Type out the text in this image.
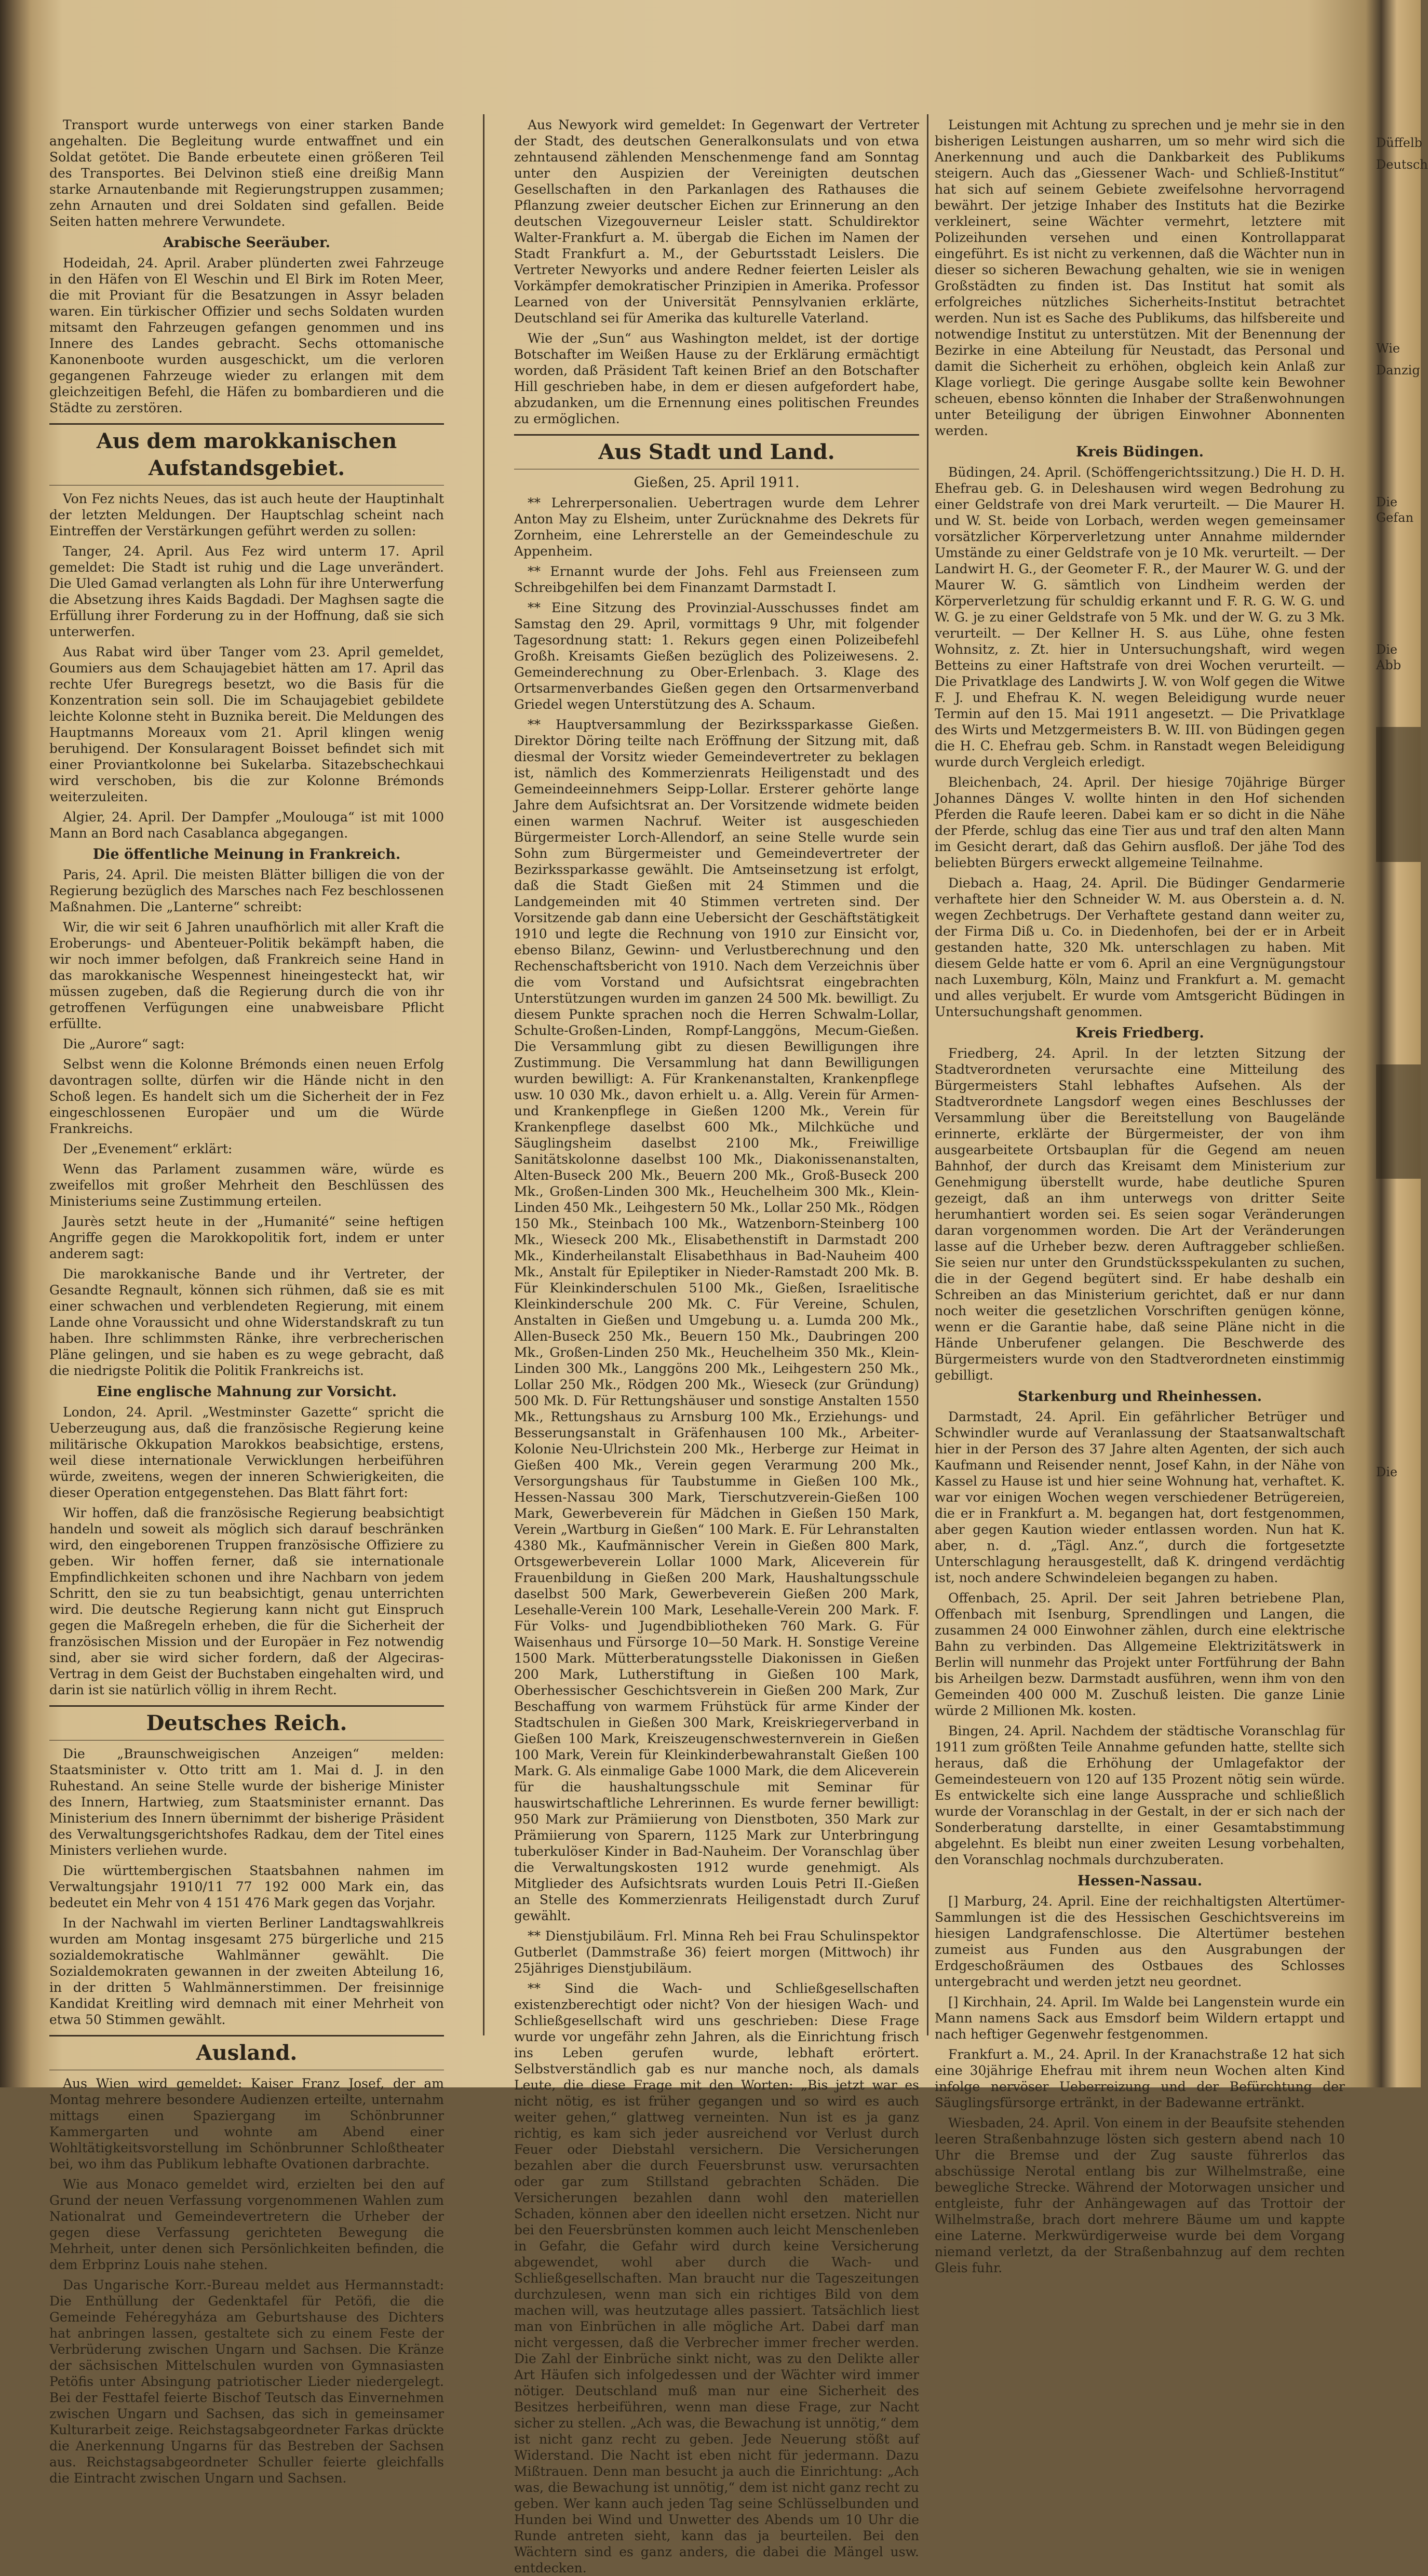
Transport wurde unterwegs von einer starken Bande angehalten. Die Begleitung wurde entwaffnet und ein Soldat getötet. Die Bande erbeutete einen größeren Teil des Transportes. Bei Delvinon stieß eine dreißig Mann starke Arnautenbande mit Regierungstruppen zusammen; zehn Arnauten und drei Soldaten sind gefallen. Beide Seiten hatten mehrere Verwundete.

Arabische Seeräuber.

Hodeidah, 24. April. Araber plünderten zwei Fahrzeuge in den Häfen von El Weschin und El Birk im Roten Meer, die mit Proviant für die Besatzungen in Assyr beladen waren. Ein türkischer Offizier und sechs Soldaten wurden mitsamt den Fahrzeugen gefangen genommen und ins Innere des Landes gebracht. Sechs ottomanische Kanonenboote wurden ausgeschickt, um die verloren gegangenen Fahrzeuge wieder zu erlangen mit dem gleichzeitigen Befehl, die Häfen zu bombardieren und die Städte zu zerstören.

Aus dem marokkanischen Aufstandsgebiet.

Von Fez nichts Neues, das ist auch heute der Hauptinhalt der letzten Meldungen. Der Hauptschlag scheint nach Eintreffen der Verstärkungen geführt werden zu sollen:

Tanger, 24. April. Aus Fez wird unterm 17. April gemeldet: Die Stadt ist ruhig und die Lage unverändert. Die Uled Gamad verlangten als Lohn für ihre Unterwerfung die Absetzung ihres Kaids Bagdadi. Der Maghsen sagte die Erfüllung ihrer Forderung zu in der Hoffnung, daß sie sich unterwerfen.

Aus Rabat wird über Tanger vom 23. April gemeldet, Goumiers aus dem Schaujagebiet hätten am 17. April das rechte Ufer Buregregs besetzt, wo die Basis für die Konzentration sein soll. Die im Schaujagebiet gebildete leichte Kolonne steht in Buznika bereit. Die Meldungen des Hauptmanns Moreaux vom 21. April klingen wenig beruhigend. Der Konsularagent Boisset befindet sich mit einer Proviantkolonne bei Sukelarba. Sitazebschechkaui wird verschoben, bis die zur Kolonne Brémonds weiterzuleiten.

Algier, 24. April. Der Dampfer „Moulouga“ ist mit 1000 Mann an Bord nach Casablanca abgegangen.

Die öffentliche Meinung in Frankreich.

Paris, 24. April. Die meisten Blätter billigen die von der Regierung bezüglich des Marsches nach Fez beschlossenen Maßnahmen. Die „Lanterne“ schreibt:

Wir, die wir seit 6 Jahren unaufhörlich mit aller Kraft die Eroberungs- und Abenteuer-Politik bekämpft haben, die wir noch immer befolgen, daß Frankreich seine Hand in das marokkanische Wespennest hineingesteckt hat, wir müssen zugeben, daß die Regierung durch die von ihr getroffenen Verfügungen eine unabweisbare Pflicht erfüllte.

Die „Aurore“ sagt:

Selbst wenn die Kolonne Brémonds einen neuen Erfolg davontragen sollte, dürfen wir die Hände nicht in den Schoß legen. Es handelt sich um die Sicherheit der in Fez eingeschlossenen Europäer und um die Würde Frankreichs.

Der „Evenement“ erklärt:

Wenn das Parlament zusammen wäre, würde es zweifellos mit großer Mehrheit den Beschlüssen des Ministeriums seine Zustimmung erteilen.

Jaurès setzt heute in der „Humanité“ seine heftigen Angriffe gegen die Marokkopolitik fort, indem er unter anderem sagt:

Die marokkanische Bande und ihr Vertreter, der Gesandte Regnault, können sich rühmen, daß sie es mit einer schwachen und verblendeten Regierung, mit einem Lande ohne Voraussicht und ohne Widerstandskraft zu tun haben. Ihre schlimmsten Ränke, ihre verbrecherischen Pläne gelingen, und sie haben es zu wege gebracht, daß die niedrigste Politik die Politik Frankreichs ist.

Eine englische Mahnung zur Vorsicht.

London, 24. April. „Westminster Gazette“ spricht die Ueberzeugung aus, daß die französische Regierung keine militärische Okkupation Marokkos beabsichtige, erstens, weil diese internationale Verwicklungen herbeiführen würde, zweitens, wegen der inneren Schwierigkeiten, die dieser Operation entgegenstehen. Das Blatt fährt fort:

Wir hoffen, daß die französische Regierung beabsichtigt handeln und soweit als möglich sich darauf beschränken wird, den eingeborenen Truppen französische Offiziere zu geben. Wir hoffen ferner, daß sie internationale Empfindlichkeiten schonen und ihre Nachbarn von jedem Schritt, den sie zu tun beabsichtigt, genau unterrichten wird. Die deutsche Regierung kann nicht gut Einspruch gegen die Maßregeln erheben, die für die Sicherheit der französischen Mission und der Europäer in Fez notwendig sind, aber sie wird sicher fordern, daß der Algeciras-Vertrag in dem Geist der Buchstaben eingehalten wird, und darin ist sie natürlich völlig in ihrem Recht.

Deutsches Reich.

Die „Braunschweigischen Anzeigen“ melden: Staatsminister v. Otto tritt am 1. Mai d. J. in den Ruhestand. An seine Stelle wurde der bisherige Minister des Innern, Hartwieg, zum Staatsminister ernannt. Das Ministerium des Innern übernimmt der bisherige Präsident des Verwaltungsgerichtshofes Radkau, dem der Titel eines Ministers verliehen wurde.

Die württembergischen Staatsbahnen nahmen im Verwaltungsjahr 1910/11 77 192 000 Mark ein, das bedeutet ein Mehr von 4 151 476 Mark gegen das Vorjahr.

In der Nachwahl im vierten Berliner Landtagswahlkreis wurden am Montag insgesamt 275 bürgerliche und 215 sozialdemokratische Wahlmänner gewählt. Die Sozialdemokraten gewannen in der zweiten Abteilung 16, in der dritten 5 Wahlmännerstimmen. Der freisinnige Kandidat Kreitling wird demnach mit einer Mehrheit von etwa 50 Stimmen gewählt.

Ausland.

Aus Wien wird gemeldet: Kaiser Franz Josef, der am Montag mehrere besondere Audienzen erteilte, unternahm mittags einen Spaziergang im Schönbrunner Kammergarten und wohnte am Abend einer Wohltätigkeitsvorstellung im Schönbrunner Schloßtheater bei, wo ihm das Publikum lebhafte Ovationen darbrachte.

Wie aus Monaco gemeldet wird, erzielten bei den auf Grund der neuen Verfassung vorgenommenen Wahlen zum Nationalrat und Gemeindevertretern die Urheber der gegen diese Verfassung gerichteten Bewegung die Mehrheit, unter denen sich Persönlichkeiten befinden, die dem Erbprinz Louis nahe stehen.

Das Ungarische Korr.-Bureau meldet aus Hermannstadt: Die Enthüllung der Gedenktafel für Petöfi, die die Gemeinde Fehéregyháza am Geburtshause des Dichters hat anbringen lassen, gestaltete sich zu einem Feste der Verbrüderung zwischen Ungarn und Sachsen. Die Kränze der sächsischen Mittelschulen wurden von Gymnasiasten Petöfis unter Absingung patriotischer Lieder niedergelegt. Bei der Festtafel feierte Bischof Teutsch das Einvernehmen zwischen Ungarn und Sachsen, das sich in gemeinsamer Kulturarbeit zeige. Reichstagsabgeordneter Farkas drückte die Anerkennung Ungarns für das Bestreben der Sachsen aus. Reichstagsabgeordneter Schuller feierte gleichfalls die Eintracht zwischen Ungarn und Sachsen.

Aus Newyork wird gemeldet: In Gegenwart der Vertreter der Stadt, des deutschen Generalkonsulats und von etwa zehntausend zählenden Menschenmenge fand am Sonntag unter den Auspizien der Vereinigten deutschen Gesellschaften in den Parkanlagen des Rathauses die Pflanzung zweier deutscher Eichen zur Erinnerung an den deutschen Vizegouverneur Leisler statt. Schuldirektor Walter-Frankfurt a. M. übergab die Eichen im Namen der Stadt Frankfurt a. M., der Geburtsstadt Leislers. Die Vertreter Newyorks und andere Redner feierten Leisler als Vorkämpfer demokratischer Prinzipien in Amerika. Professor Learned von der Universität Pennsylvanien erklärte, Deutschland sei für Amerika das kulturelle Vaterland.

Wie der „Sun“ aus Washington meldet, ist der dortige Botschafter im Weißen Hause zu der Erklärung ermächtigt worden, daß Präsident Taft keinen Brief an den Botschafter Hill geschrieben habe, in dem er diesen aufgefordert habe, abzudanken, um die Ernennung eines politischen Freundes zu ermöglichen.

Aus Stadt und Land.
Gießen, 25. April 1911.

** Lehrerpersonalien. Uebertragen wurde dem Lehrer Anton May zu Elsheim, unter Zurücknahme des Dekrets für Zornheim, eine Lehrerstelle an der Gemeindeschule zu Appenheim.

** Ernannt wurde der Johs. Fehl aus Freienseen zum Schreibgehilfen bei dem Finanzamt Darmstadt I.

** Eine Sitzung des Provinzial-Ausschusses findet am Samstag den 29. April, vormittags 9 Uhr, mit folgender Tagesordnung statt: 1. Rekurs gegen einen Polizeibefehl Großh. Kreisamts Gießen bezüglich des Polizeiwesens. 2. Gemeinderechnung zu Ober-Erlenbach. 3. Klage des Ortsarmenverbandes Gießen gegen den Ortsarmenverband Griedel wegen Unterstützung des A. Schaum.

** Hauptversammlung der Bezirkssparkasse Gießen. Direktor Döring teilte nach Eröffnung der Sitzung mit, daß diesmal der Vorsitz wieder Gemeindevertreter zu beklagen ist, nämlich des Kommerzienrats Heiligenstadt und des Gemeindeeinnehmers Seipp-Lollar. Ersterer gehörte lange Jahre dem Aufsichtsrat an. Der Vorsitzende widmete beiden einen warmen Nachruf. Weiter ist ausgeschieden Bürgermeister Lorch-Allendorf, an seine Stelle wurde sein Sohn zum Bürgermeister und Gemeindevertreter der Bezirkssparkasse gewählt. Die Amtseinsetzung ist erfolgt, daß die Stadt Gießen mit 24 Stimmen und die Landgemeinden mit 40 Stimmen vertreten sind. Der Vorsitzende gab dann eine Uebersicht der Geschäftstätigkeit 1910 und legte die Rechnung von 1910 zur Einsicht vor, ebenso Bilanz, Gewinn- und Verlustberechnung und den Rechenschaftsbericht von 1910. Nach dem Verzeichnis über die vom Vorstand und Aufsichtsrat eingebrachten Unterstützungen wurden im ganzen 24 500 Mk. bewilligt. Zu diesem Punkte sprachen noch die Herren Schwalm-Lollar, Schulte-Großen-Linden, Rompf-Langgöns, Mecum-Gießen. Die Versammlung gibt zu diesen Bewilligungen ihre Zustimmung. Die Versammlung hat dann Bewilligungen wurden bewilligt: A. Für Krankenanstalten, Krankenpflege usw. 10 030 Mk., davon erhielt u. a. Allg. Verein für Armen- und Krankenpflege in Gießen 1200 Mk., Verein für Krankenpflege daselbst 600 Mk., Milchküche und Säuglingsheim daselbst 2100 Mk., Freiwillige Sanitätskolonne daselbst 100 Mk., Diakonissenanstalten, Alten-Buseck 200 Mk., Beuern 200 Mk., Groß-Buseck 200 Mk., Großen-Linden 300 Mk., Heuchelheim 300 Mk., Klein-Linden 450 Mk., Leihgestern 50 Mk., Lollar 250 Mk., Rödgen 150 Mk., Steinbach 100 Mk., Watzenborn-Steinberg 100 Mk., Wieseck 200 Mk., Elisabethenstift in Darmstadt 200 Mk., Kinderheilanstalt Elisabethhaus in Bad-Nauheim 400 Mk., Anstalt für Epileptiker in Nieder-Ramstadt 200 Mk. B. Für Kleinkinderschulen 5100 Mk., Gießen, Israelitische Kleinkinderschule 200 Mk. C. Für Vereine, Schulen, Anstalten in Gießen und Umgebung u. a. Lumda 200 Mk., Allen-Buseck 250 Mk., Beuern 150 Mk., Daubringen 200 Mk., Großen-Linden 250 Mk., Heuchelheim 350 Mk., Klein-Linden 300 Mk., Langgöns 200 Mk., Leihgestern 250 Mk., Lollar 250 Mk., Rödgen 200 Mk., Wieseck (zur Gründung) 500 Mk. D. Für Rettungshäuser und sonstige Anstalten 1550 Mk., Rettungshaus zu Arnsburg 100 Mk., Erziehungs- und Besserungsanstalt in Gräfenhausen 100 Mk., Arbeiter-Kolonie Neu-Ulrichstein 200 Mk., Herberge zur Heimat in Gießen 400 Mk., Verein gegen Verarmung 200 Mk., Versorgungshaus für Taubstumme in Gießen 100 Mk., Hessen-Nassau 300 Mark, Tierschutzverein-Gießen 100 Mark, Gewerbeverein für Mädchen in Gießen 150 Mark, Verein „Wartburg in Gießen“ 100 Mark. E. Für Lehranstalten 4380 Mk., Kaufmännischer Verein in Gießen 800 Mark, Ortsgewerbeverein Lollar 1000 Mark, Aliceverein für Frauenbildung in Gießen 200 Mark, Haushaltungsschule daselbst 500 Mark, Gewerbeverein Gießen 200 Mark, Lesehalle-Verein 100 Mark, Lesehalle-Verein 200 Mark. F. Für Volks- und Jugendbibliotheken 760 Mark. G. Für Waisenhaus und Fürsorge 10—50 Mark. H. Sonstige Vereine 1500 Mark. Mütterberatungsstelle Diakonissen in Gießen 200 Mark, Lutherstiftung in Gießen 100 Mark, Oberhessischer Geschichtsverein in Gießen 200 Mark, Zur Beschaffung von warmem Frühstück für arme Kinder der Stadtschulen in Gießen 300 Mark, Kreiskriegerverband in Gießen 100 Mark, Kreiszeugenschwesternverein in Gießen 100 Mark, Verein für Kleinkinderbewahranstalt Gießen 100 Mark. G. Als einmalige Gabe 1000 Mark, die dem Aliceverein für die haushaltungsschule mit Seminar für hauswirtschaftliche Lehrerinnen. Es wurde ferner bewilligt: 950 Mark zur Prämiierung von Dienstboten, 350 Mark zur Prämiierung von Sparern, 1125 Mark zur Unterbringung tuberkulöser Kinder in Bad-Nauheim. Der Voranschlag über die Verwaltungskosten 1912 wurde genehmigt. Als Mitglieder des Aufsichtsrats wurden Louis Petri II.-Gießen an Stelle des Kommerzienrats Heiligenstadt durch Zuruf gewählt.

** Dienstjubiläum. Frl. Minna Reh bei Frau Schulinspektor Gutberlet (Dammstraße 36) feiert morgen (Mittwoch) ihr 25jähriges Dienstjubiläum.

** Sind die Wach- und Schließgesellschaften existenzberechtigt oder nicht? Von der hiesigen Wach- und Schließgesellschaft wird uns geschrieben: Diese Frage wurde vor ungefähr zehn Jahren, als die Einrichtung frisch ins Leben gerufen wurde, lebhaft erörtert. Selbstverständlich gab es nur manche noch, als damals Leute, die diese Frage mit den Worten: „Bis jetzt war es nicht nötig, es ist früher gegangen und so wird es auch weiter gehen,“ glattweg verneinten. Nun ist es ja ganz richtig, es kam sich jeder ausreichend vor Verlust durch Feuer oder Diebstahl versichern. Die Versicherungen bezahlen aber die durch Feuersbrunst usw. verursachten oder gar zum Stillstand gebrachten Schäden. Die Versicherungen bezahlen dann wohl den materiellen Schaden, können aber den ideellen nicht ersetzen. Nicht nur bei den Feuersbrünsten kommen auch leicht Menschenleben in Gefahr, die Gefahr wird durch keine Versicherung abgewendet, wohl aber durch die Wach- und Schließgesellschaften. Man braucht nur die Tageszeitungen durchzulesen, wenn man sich ein richtiges Bild von dem machen will, was heutzutage alles passiert. Tatsächlich liest man von Einbrüchen in alle mögliche Art. Dabei darf man nicht vergessen, daß die Verbrecher immer frecher werden. Die Zahl der Einbrüche sinkt nicht, was zu den Delikte aller Art Häufen sich infolgedessen und der Wächter wird immer nötiger. Deutschland muß man nur eine Sicherheit des Besitzes herbeiführen, wenn man diese Frage, zur Nacht sicher zu stellen. „Ach was, die Bewachung ist unnötig,“ dem ist nicht ganz recht zu geben. Jede Neuerung stößt auf Widerstand. Die Nacht ist eben nicht für jedermann. Dazu Mißtrauen. Denn man besucht ja auch die Einrichtung: „Ach was, die Bewachung ist unnötig,“ dem ist nicht ganz recht zu geben. Wer kann auch jeden Tag seine Schlüsselbunden und Hunden bei Wind und Unwetter des Abends um 10 Uhr die Runde antreten sieht, kann das ja beurteilen. Bei den Wächtern sind es ganz anders, die dabei die Mängel usw. entdecken.

Leistungen mit Achtung zu sprechen und je mehr sie in den bisherigen Leistungen ausharren, um so mehr wird sich die Anerkennung und auch die Dankbarkeit des Publikums steigern. Auch das „Giessener Wach- und Schließ-Institut“ hat sich auf seinem Gebiete zweifelsohne hervorragend bewährt. Der jetzige Inhaber des Instituts hat die Bezirke verkleinert, seine Wächter vermehrt, letztere mit Polizeihunden versehen und einen Kontrollapparat eingeführt. Es ist nicht zu verkennen, daß die Wächter nun in dieser so sicheren Bewachung gehalten, wie sie in wenigen Großstädten zu finden ist. Das Institut hat somit als erfolgreiches nützliches Sicherheits-Institut betrachtet werden. Nun ist es Sache des Publikums, das hilfsbereite und notwendige Institut zu unterstützen. Mit der Benennung der Bezirke in eine Abteilung für Neustadt, das Personal und damit die Sicherheit zu erhöhen, obgleich kein Anlaß zur Klage vorliegt. Die geringe Ausgabe sollte kein Bewohner scheuen, ebenso könnten die Inhaber der Straßenwohnungen unter Beteiligung der übrigen Einwohner Abonnenten werden.

Kreis Büdingen.

Büdingen, 24. April. (Schöffengerichtssitzung.) Die H. D. H. Ehefrau geb. G. in Deleshausen wird wegen Bedrohung zu einer Geldstrafe von drei Mark verurteilt. — Die Maurer H. und W. St. beide von Lorbach, werden wegen gemeinsamer vorsätzlicher Körperverletzung unter Annahme mildernder Umstände zu einer Geldstrafe von je 10 Mk. verurteilt. — Der Landwirt H. G., der Geometer F. R., der Maurer W. G. und der Maurer W. G. sämtlich von Lindheim werden der Körperverletzung für schuldig erkannt und F. R. G. W. G. und W. G. je zu einer Geldstrafe von 5 Mk. und der W. G. zu 3 Mk. verurteilt. — Der Kellner H. S. aus Lühe, ohne festen Wohnsitz, z. Zt. hier in Untersuchungshaft, wird wegen Betteins zu einer Haftstrafe von drei Wochen verurteilt. — Die Privatklage des Landwirts J. W. von Wolf gegen die Witwe F. J. und Ehefrau K. N. wegen Beleidigung wurde neuer Termin auf den 15. Mai 1911 angesetzt. — Die Privatklage des Wirts und Metzgermeisters B. W. III. von Büdingen gegen die H. C. Ehefrau geb. Schm. in Ranstadt wegen Beleidigung wurde durch Vergleich erledigt.

Bleichenbach, 24. April. Der hiesige 70jährige Bürger Johannes Dänges V. wollte hinten in den Hof sichenden Pferden die Raufe leeren. Dabei kam er so dicht in die Nähe der Pferde, schlug das eine Tier aus und traf den alten Mann im Gesicht derart, daß das Gehirn ausfloß. Der jähe Tod des beliebten Bürgers erweckt allgemeine Teilnahme.

Diebach a. Haag, 24. April. Die Büdinger Gendarmerie verhaftete hier den Schneider W. M. aus Oberstein a. d. N. wegen Zechbetrugs. Der Verhaftete gestand dann weiter zu, der Firma Diß u. Co. in Diedenhofen, bei der er in Arbeit gestanden hatte, 320 Mk. unterschlagen zu haben. Mit diesem Gelde hatte er vom 6. April an eine Vergnügungstour nach Luxemburg, Köln, Mainz und Frankfurt a. M. gemacht und alles verjubelt. Er wurde vom Amtsgericht Büdingen in Untersuchungshaft genommen.

Kreis Friedberg.

Friedberg, 24. April. In der letzten Sitzung der Stadtverordneten verursachte eine Mitteilung des Bürgermeisters Stahl lebhaftes Aufsehen. Als der Stadtverordnete Langsdorf wegen eines Beschlusses der Versammlung über die Bereitstellung von Baugelände erinnerte, erklärte der Bürgermeister, der von ihm ausgearbeitete Ortsbauplan für die Gegend am neuen Bahnhof, der durch das Kreisamt dem Ministerium zur Genehmigung überstellt wurde, habe deutliche Spuren gezeigt, daß an ihm unterwegs von dritter Seite herumhantiert worden sei. Es seien sogar Veränderungen daran vorgenommen worden. Die Art der Veränderungen lasse auf die Urheber bezw. deren Auftraggeber schließen. Sie seien nur unter den Grundstücksspekulanten zu suchen, die in der Gegend begütert sind. Er habe deshalb ein Schreiben an das Ministerium gerichtet, daß er nur dann noch weiter die gesetzlichen Vorschriften genügen könne, wenn er die Garantie habe, daß seine Pläne nicht in die Hände Unberufener gelangen. Die Beschwerde des Bürgermeisters wurde von den Stadtverordneten einstimmig gebilligt.

Starkenburg und Rheinhessen.

Darmstadt, 24. April. Ein gefährlicher Betrüger und Schwindler wurde auf Veranlassung der Staatsanwaltschaft hier in der Person des 37 Jahre alten Agenten, der sich auch Kaufmann und Reisender nennt, Josef Kahn, in der Nähe von Kassel zu Hause ist und hier seine Wohnung hat, verhaftet. K. war vor einigen Wochen wegen verschiedener Betrügereien, die er in Frankfurt a. M. begangen hat, dort festgenommen, aber gegen Kaution wieder entlassen worden. Nun hat K. aber, n. d. „Tägl. Anz.“, durch die fortgesetzte Unterschlagung herausgestellt, daß K. dringend verdächtig ist, noch andere Schwindeleien begangen zu haben.

Offenbach, 25. April. Der seit Jahren betriebene Plan, Offenbach mit Isenburg, Sprendlingen und Langen, die zusammen 24 000 Einwohner zählen, durch eine elektrische Bahn zu verbinden. Das Allgemeine Elektrizitätswerk in Berlin will nunmehr das Projekt unter Fortführung der Bahn bis Arheilgen bezw. Darmstadt ausführen, wenn ihm von den Gemeinden 400 000 M. Zuschuß leisten. Die ganze Linie würde 2 Millionen Mk. kosten.

Bingen, 24. April. Nachdem der städtische Voranschlag für 1911 zum größten Teile Annahme gefunden hatte, stellte sich heraus, daß die Erhöhung der Umlagefaktor der Gemeindesteuern von 120 auf 135 Prozent nötig sein würde. Es entwickelte sich eine lange Aussprache und schließlich wurde der Voranschlag in der Gestalt, in der er sich nach der Sonderberatung darstellte, in einer Gesamtabstimmung abgelehnt. Es bleibt nun einer zweiten Lesung vorbehalten, den Voranschlag nochmals durchzuberaten.

Hessen-Nassau.

[] Marburg, 24. April. Eine der reichhaltigsten Altertümer-Sammlungen ist die des Hessischen Geschichtsvereins im hiesigen Landgrafenschlosse. Die Altertümer bestehen zumeist aus Funden aus den Ausgrabungen der Erdgeschoßräumen des Ostbaues des Schlosses untergebracht und werden jetzt neu geordnet.

[] Kirchhain, 24. April. Im Walde bei Langenstein wurde ein Mann namens Sack aus Emsdorf beim Wildern ertappt und nach heftiger Gegenwehr festgenommen.

Frankfurt a. M., 24. April. In der Kranachstraße 12 hat sich eine 30jährige Ehefrau mit ihrem neun Wochen alten Kind infolge nervöser Ueberreizung und der Befürchtung der Säuglingsfürsorge ertränkt, in der Badewanne ertränkt.

Wiesbaden, 24. April. Von einem in der Beaufsite stehenden leeren Straßenbahnzuge lösten sich gestern abend nach 10 Uhr die Bremse und der Zug sauste führerlos das abschüssige Nerotal entlang bis zur Wilhelmstraße, eine bewegliche Strecke. Während der Motorwagen unsicher und entgleiste, fuhr der Anhängewagen auf das Trottoir der Wilhelmstraße, brach dort mehrere Bäume um und kappte eine Laterne. Merkwürdigerweise wurde bei dem Vorgang niemand verletzt, da der Straßenbahnzug auf dem rechten Gleis fuhr.

Düffelb
Deutsch
Wie
Danzig
Die Gefan
Die Abb
Die
